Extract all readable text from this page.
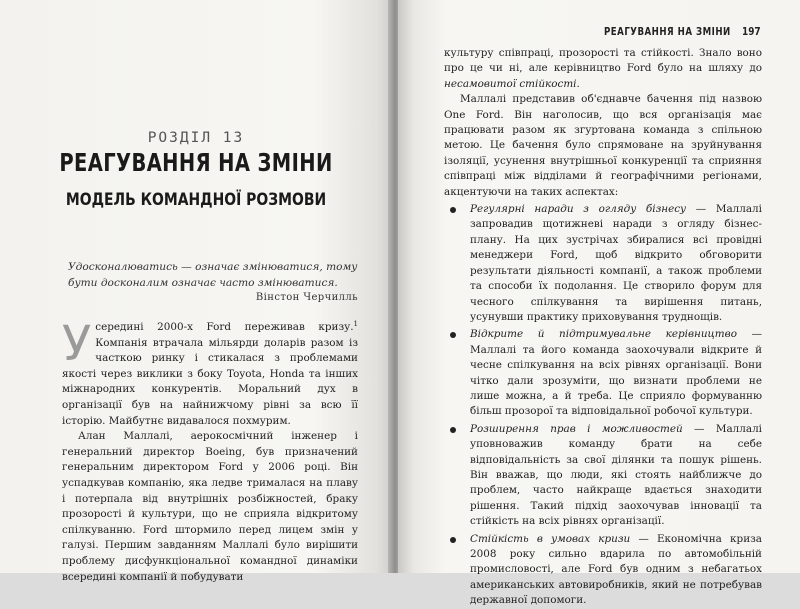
РОЗДІЛ 13
РЕАГУВАННЯ НА ЗМІНИ
МОДЕЛЬ КОМАНДНОЇ РОЗМОВИ
Удосконалюватись — означає змінюватися, тому бути досконалим означає часто змінюватися.
Вінстон Черчилль

Усередині 2000-х Ford переживав кризу.$^1$ Компанія втрачала мільярди доларів разом із часткою ринку і стикалася з проблемами якості через виклики з боку Toyota, Honda та інших міжнародних конкурентів. Моральний дух в організації був на найнижчому рівні за всю її історію. Майбутнє видавалося похмурим.

Алан Маллалі, аерокосмічний інженер і генеральний директор Boeing, був призначений генеральним директором Ford у 2006 році. Він успадкував компанію, яка ледве трималася на плаву і потерпала від внутрішніх розбіжностей, браку прозорості й культури, що не сприяла відкритому спілкуванню. Ford штормило перед лицем змін у галузі. Першим завданням Маллалі було вирішити проблему дисфункціональної командної динаміки всередині компанії й побудувати

РЕАГУВАННЯ НА ЗМІНИ 197

культуру співпраці, прозорості та стійкості. Знало воно про це чи ні, але керівництво Ford було на шляху до несамовитої стійкості.

Маллалі представив об'єднавче бачення під назвою One Ford. Він наголосив, що вся організація має працювати разом як згуртована команда з спільною метою. Це бачення було спрямоване на зруйнування ізоляції, усунення внутрішньої конкуренції та сприяння співпраці між відділами й географічними регіонами, акцентуючи на таких аспектах:

Регулярні наради з огляду бізнесу — Маллалі запровадив щотижневі наради з огляду бізнес-плану. На цих зустрічах збиралися всі провідні менеджери Ford, щоб відкрито обговорити результати діяльності компанії, а також проблеми та способи їх подолання. Це створило форум для чесного спілкування та вирішення питань, усунувши практику приховування труднощів.
Відкрите й підтримувальне керівництво — Маллалі та його команда заохочували відкрите й чесне спілкування на всіх рівнях організації. Вони чітко дали зрозуміти, що визнати проблеми не лише можна, а й треба. Це сприяло формуванню більш прозорої та відповідальної робочої культури.
Розширення прав і можливостей — Маллалі уповноважив команду брати на себе відповідальність за свої ділянки та пошук рішень. Він вважав, що люди, які стоять найближче до проблем, часто найкраще вдається знаходити рішення. Такий підхід заохочував інновації та стійкість на всіх рівнях організації.
Стійкість в умовах кризи — Економічна криза 2008 року сильно вдарила по автомобільній промисловості, але Ford був одним з небагатьох американських автовиробників, який не потребував державної допомоги.
